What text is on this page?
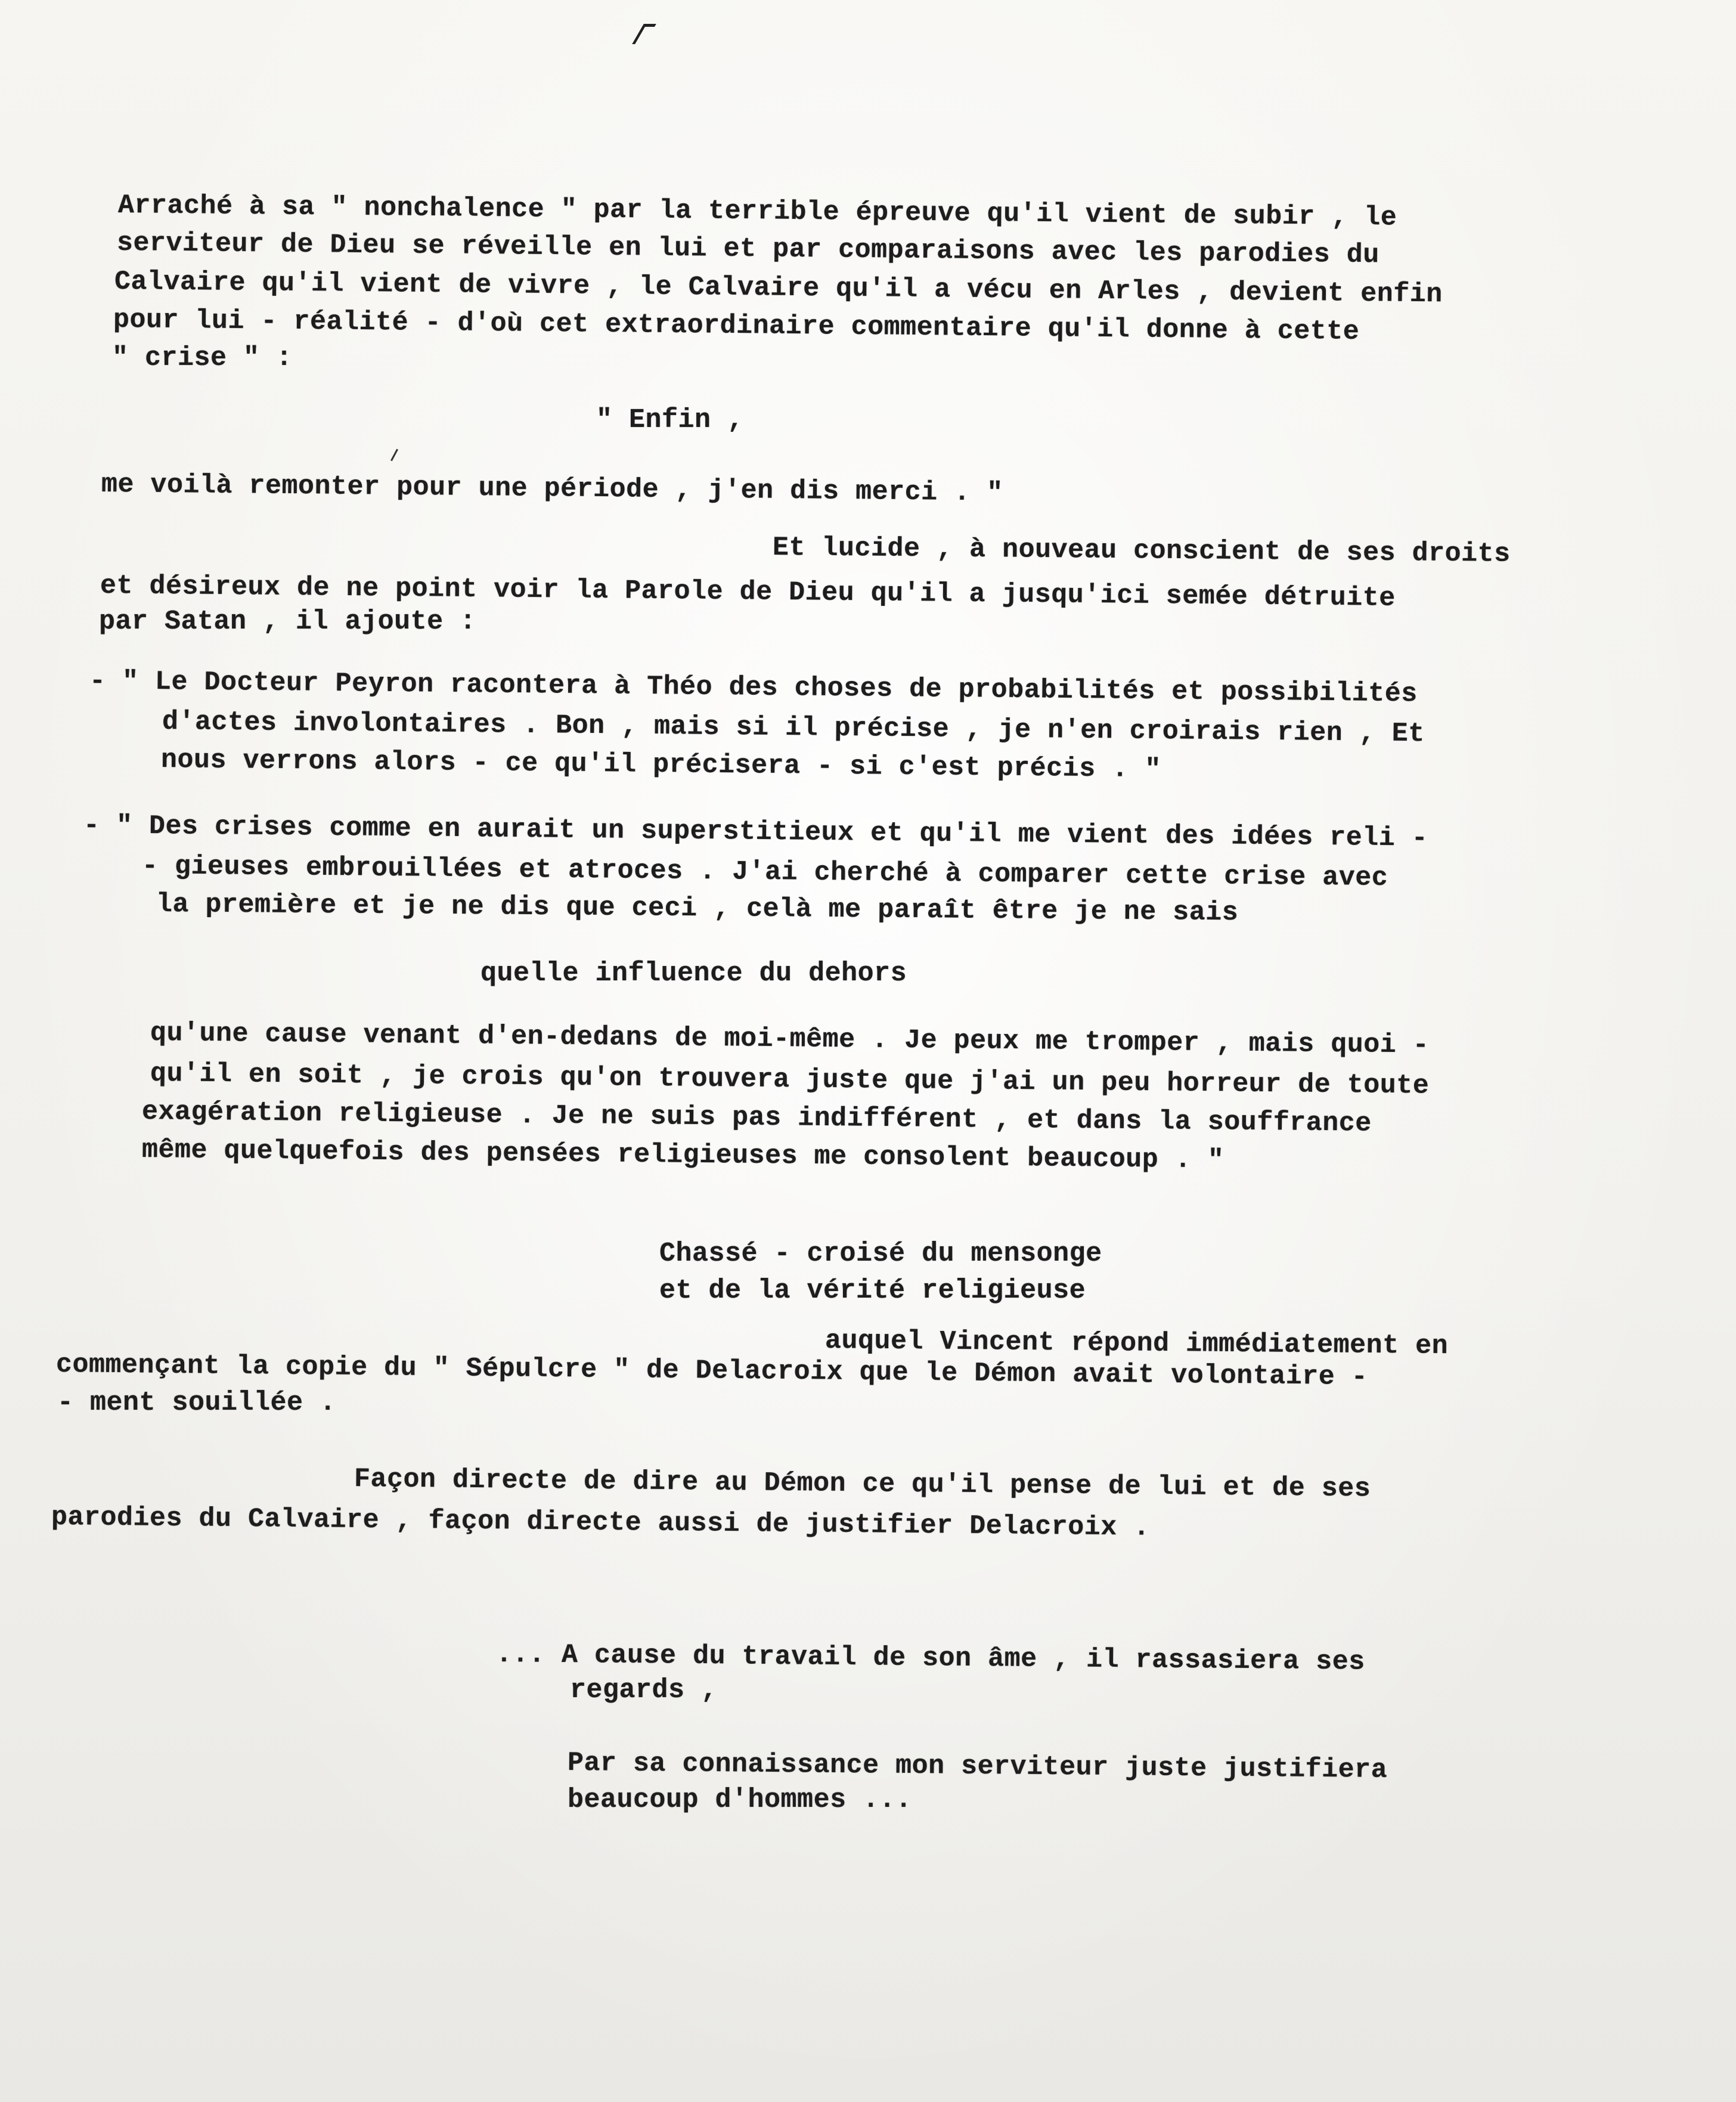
Arraché à sa " nonchalence " par la terrible épreuve qu'il vient de subir , le
serviteur de Dieu se réveille en lui et par comparaisons avec les parodies du
Calvaire qu'il vient de vivre , le Calvaire qu'il a vécu en Arles , devient enfin
pour lui - réalité - d'où cet extraordinaire commentaire qu'il donne à cette
" crise " :
" Enfin ,
me voilà remonter pour une période , j'en dis merci . "
Et lucide , à nouveau conscient de ses droits
et désireux de ne point voir la Parole de Dieu qu'il a jusqu'ici semée détruite
par Satan , il ajoute :
- " Le Docteur Peyron racontera à Théo des choses de probabilités et possibilités
d'actes involontaires . Bon , mais si il précise , je n'en croirais rien , Et
nous verrons alors - ce qu'il précisera - si c'est précis . "
- " Des crises comme en aurait un superstitieux et qu'il me vient des idées reli -
- gieuses embrouillées et atroces . J'ai cherché à comparer cette crise avec
la première et je ne dis que ceci , celà me paraît être je ne sais
quelle influence du dehors
qu'une cause venant d'en-dedans de moi-même . Je peux me tromper , mais quoi -
qu'il en soit , je crois qu'on trouvera juste que j'ai un peu horreur de toute
exagération religieuse . Je ne suis pas indifférent , et dans la souffrance
même quelquefois des pensées religieuses me consolent beaucoup . "
Chassé - croisé du mensonge
et de la vérité religieuse
auquel Vincent répond immédiatement en
commençant la copie du " Sépulcre " de Delacroix que le Démon avait volontaire -
- ment souillée .
Façon directe de dire au Démon ce qu'il pense de lui et de ses
parodies du Calvaire , façon directe aussi de justifier Delacroix .
... A cause du travail de son âme , il rassasiera ses
regards ,
Par sa connaissance mon serviteur juste justifiera
beaucoup d'hommes ...
